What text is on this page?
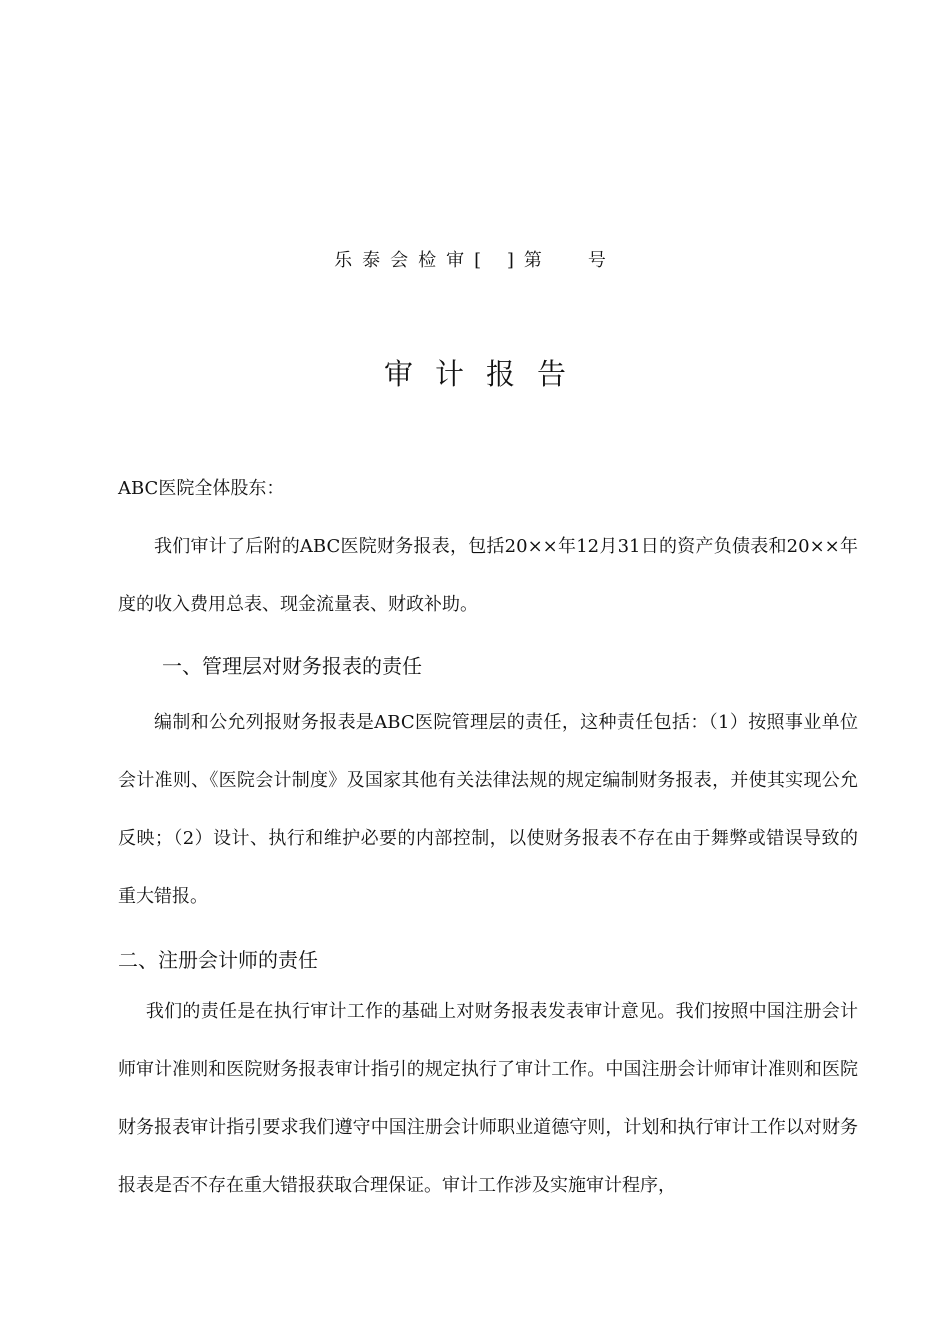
乐泰会检审[ ]第 号
审计报告
ABC医院全体股东：
我们审计了后附的ABC医院财务报表，包括20××年12月31日的资产负债表和20××年度的收入费用总表、现金流量表、财政补助。
一、管理层对财务报表的责任
编制和公允列报财务报表是ABC医院管理层的责任，这种责任包括：（1）按照事业单位会计准则、《医院会计制度》及国家其他有关法律法规的规定编制财务报表，并使其实现公允反映；（2）设计、执行和维护必要的内部控制，以使财务报表不存在由于舞弊或错误导致的重大错报。
二、注册会计师的责任
我们的责任是在执行审计工作的基础上对财务报表发表审计意见。我们按照中国注册会计师审计准则和医院财务报表审计指引的规定执行了审计工作。中国注册会计师审计准则和医院财务报表审计指引要求我们遵守中国注册会计师职业道德守则，计划和执行审计工作以对财务报表是否不存在重大错报获取合理保证。审计工作涉及实施审计程序，
